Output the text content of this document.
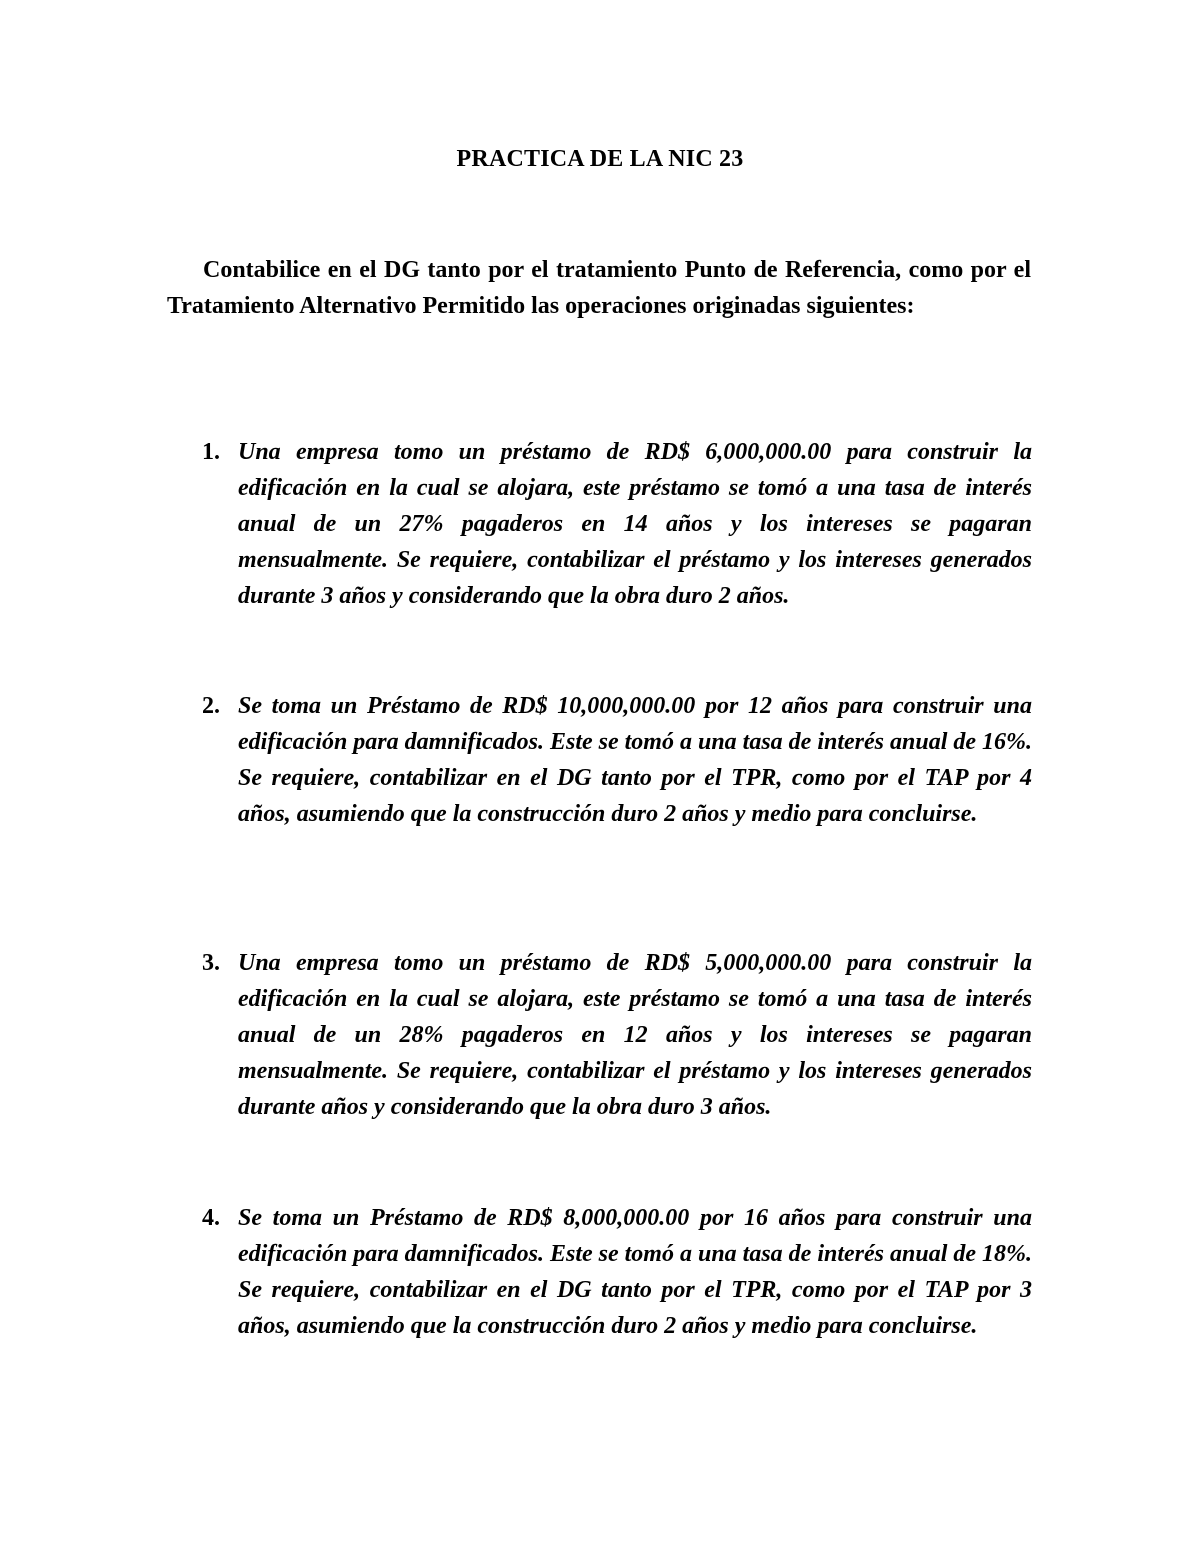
PRACTICA DE LA NIC 23

Contabilice en el DG tanto por el tratamiento Punto de Referencia, como por el Tratamiento Alternativo Permitido las operaciones originadas siguientes:

1. Una empresa tomo un préstamo de RD$ 6,000,000.00 para construir la edificación en la cual se alojara, este préstamo se tomó a una tasa de interés anual de un 27% pagaderos en 14 años y los intereses se pagaran mensualmente. Se requiere, contabilizar el préstamo y los intereses generados durante 3 años y considerando que la obra duro 2 años.

2. Se toma un Préstamo de RD$ 10,000,000.00 por 12 años para construir una edificación para damnificados. Este se tomó a una tasa de interés anual de 16%. Se requiere, contabilizar en el DG tanto por el TPR, como por el TAP por 4 años, asumiendo que la construcción duro 2 años y medio para concluirse.

3. Una empresa tomo un préstamo de RD$ 5,000,000.00 para construir la edificación en la cual se alojara, este préstamo se tomó a una tasa de interés anual de un 28% pagaderos en 12 años y los intereses se pagaran mensualmente. Se requiere, contabilizar el préstamo y los intereses generados durante años y considerando que la obra duro 3 años.

4. Se toma un Préstamo de RD$ 8,000,000.00 por 16 años para construir una edificación para damnificados. Este se tomó a una tasa de interés anual de 18%. Se requiere, contabilizar en el DG tanto por el TPR, como por el TAP por 3 años, asumiendo que la construcción duro 2 años y medio para concluirse.
